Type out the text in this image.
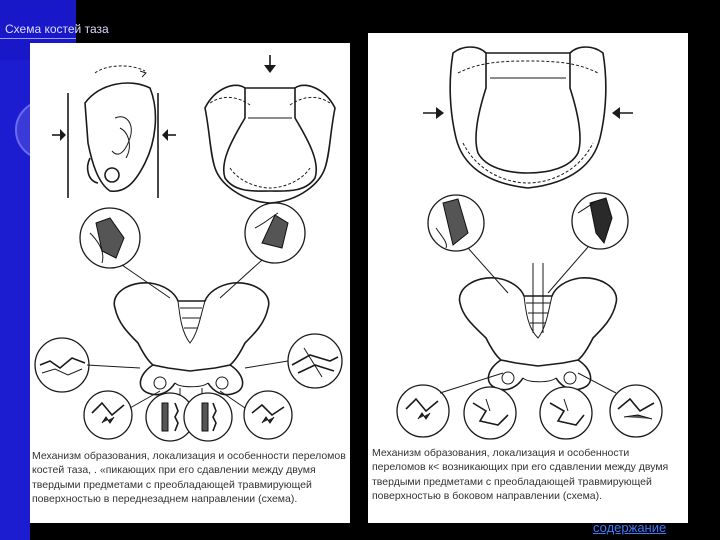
Схема костей таза
Механизм образования, локализация и особенности переломов костей таза, . «пикающих при его сдавлении между двумя твердыми предметами с преобладающей травмирующей поверхностью в переднезаднем направлении (схема).
Механизм образования, локализация и особенности переломов к< возникающих при его сдавлении между двумя твердыми предметами с преобладающей травмирующей поверхностью в боковом направлении (схема).
содержание
